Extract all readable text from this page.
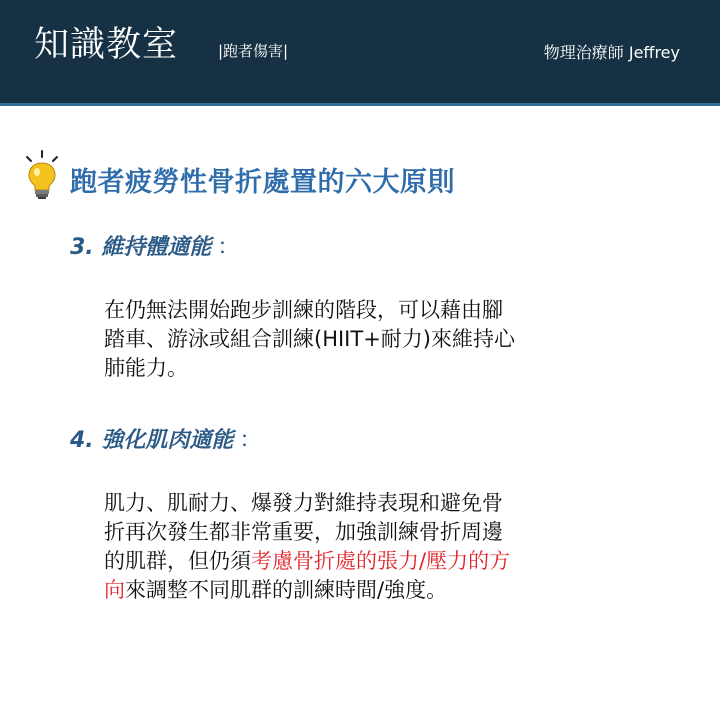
知識教室	|跑者傷害|	物理治療師 Jeffrey
跑者疲勞性骨折處置的六大原則
3. 維持體適能 ：
在仍無法開始跑步訓練的階段，可以藉由腳
踏車、游泳或組合訓練(HIIT+耐力)來維持心
肺能力。
4. 強化肌肉適能 ：
肌力、肌耐力、爆發力對維持表現和避免骨
折再次發生都非常重要，加強訓練骨折周邊
的肌群，但仍須考慮骨折處的張力/壓力的方
向來調整不同肌群的訓練時間/強度。
